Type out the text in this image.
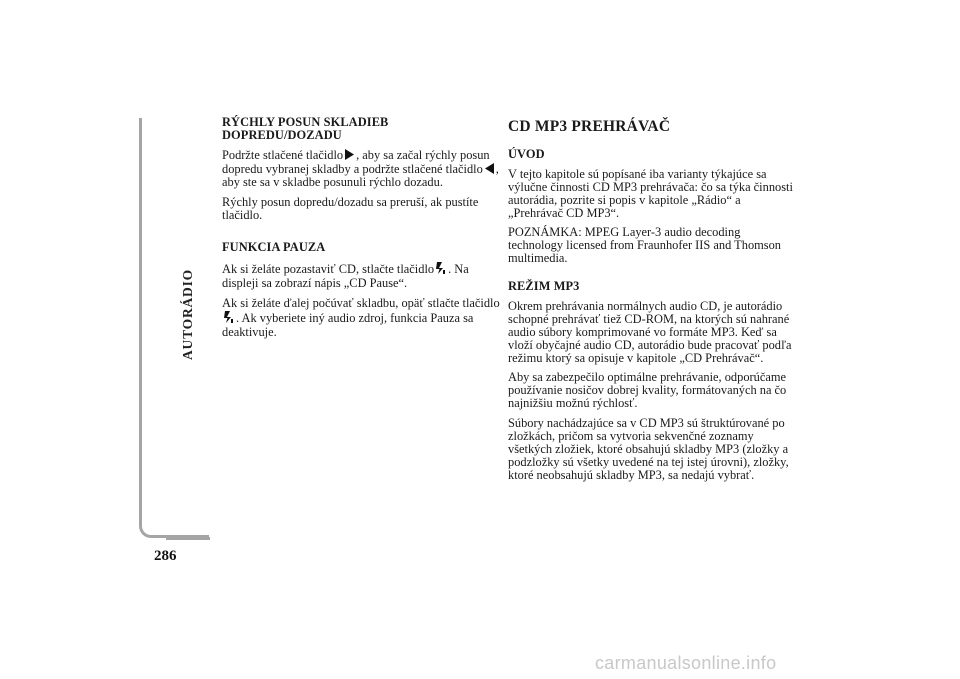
AUTORÁDIO
286
RÝCHLY POSUN SKLADIEB DOPREDU/DOZADU

Podržte stlačené tlačidlo , aby sa začal rýchly posun dopredu vybranej skladby a podržte stlačené tlačidlo , aby ste sa v skladbe posunuli rýchlo dozadu.

Rýchly posun dopredu/dozadu sa preruší, ak pustíte tlačidlo.

FUNKCIA PAUZA

Ak si želáte pozastaviť CD, stlačte tlačidlo . Na displeji sa zobrazí nápis „CD Pause“.

Ak si želáte ďalej počúvať skladbu, opäť stlačte tlačidlo. Ak vyberiete iný audio zdroj, funkcia Pauza sa deaktivuje.

CD MP3 PREHRÁVAČ
ÚVOD

V tejto kapitole sú popísané iba varianty týkajúce sa výlučne činnosti CD MP3 prehrávača: čo sa týka činnosti autorádia, pozrite si popis v kapitole „Rádio“ a „Prehrávač CD MP3“.

POZNÁMKA: MPEG Layer-3 audio decoding technology licensed from Fraunhofer IIS and Thomson multimedia.

REŽIM MP3

Okrem prehrávania normálnych audio CD, je autorádio schopné prehrávať tiež CD-ROM, na ktorých sú nahrané audio súbory komprimované vo formáte MP3. Keď sa vloží obyčajné audio CD, autorádio bude pracovať podľa režimu ktorý sa opisuje v kapitole „CD Prehrávač“.

Aby sa zabezpečilo optimálne prehrávanie, odporúčame používanie nosičov dobrej kvality, formátovaných na čo najnižšiu možnú rýchlosť.

Súbory nachádzajúce sa v CD MP3 sú štruktúrované po zložkách, pričom sa vytvoria sekvenčné zoznamy všetkých zložiek, ktoré obsahujú skladby MP3 (zložky a podzložky sú všetky uvedené na tej istej úrovni), zložky, ktoré neobsahujú skladby MP3, sa nedajú vybrať.

carmanualsonline.info
